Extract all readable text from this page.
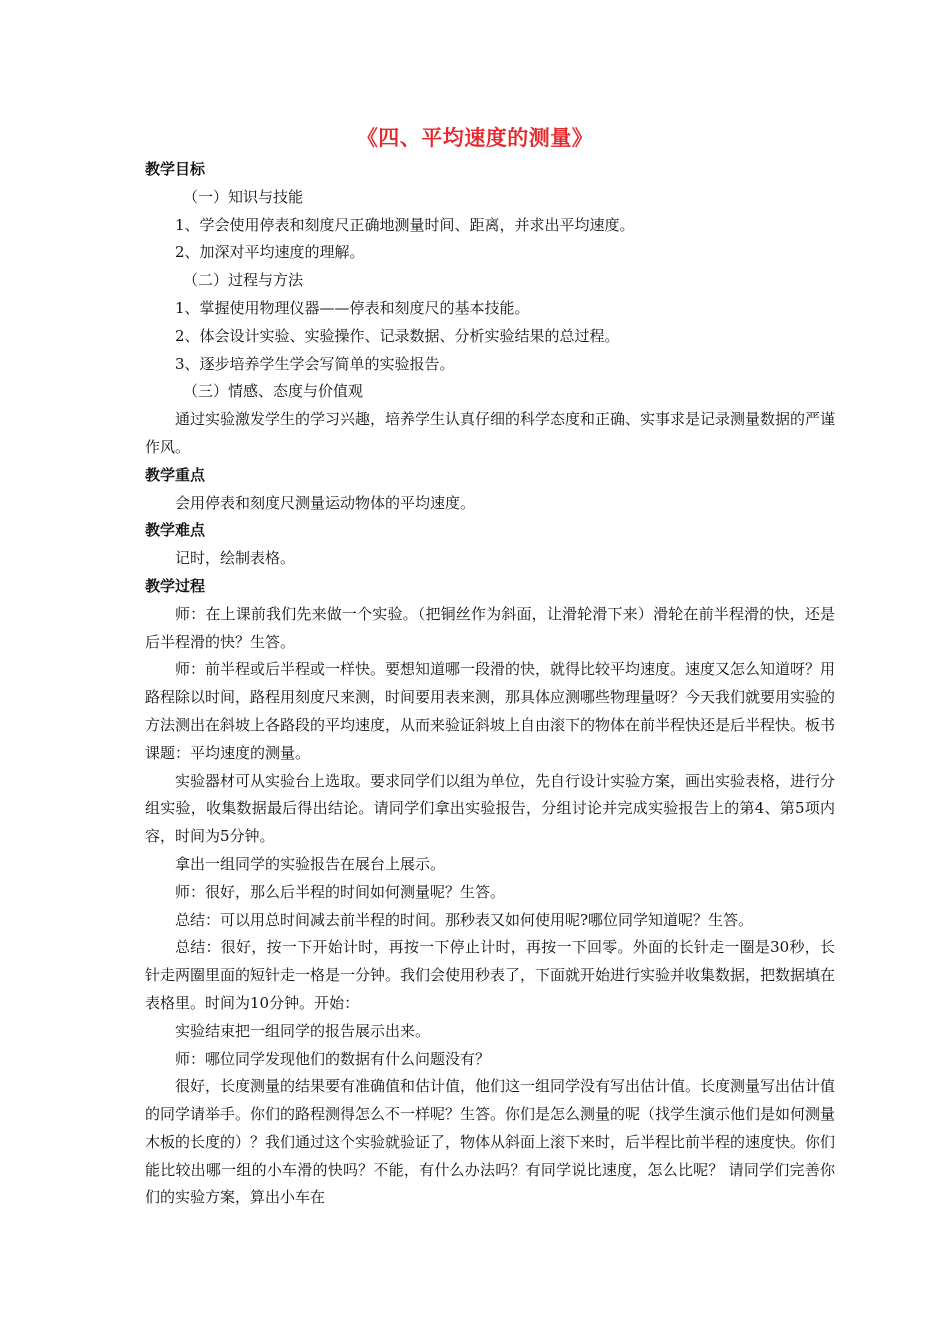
《四、平均速度的测量》

教学目标

（一）知识与技能

1、学会使用停表和刻度尺正确地测量时间、距离，并求出平均速度。

2、加深对平均速度的理解。

（二）过程与方法

1、掌握使用物理仪器——停表和刻度尺的基本技能。

2、体会设计实验、实验操作、记录数据、分析实验结果的总过程。

3、逐步培养学生学会写简单的实验报告。

（三）情感、态度与价值观

通过实验激发学生的学习兴趣，培养学生认真仔细的科学态度和正确、实事求是记录测量数据的严谨作风。

教学重点

会用停表和刻度尺测量运动物体的平均速度。

教学难点

记时，绘制表格。

教学过程

师：在上课前我们先来做一个实验。（把铜丝作为斜面，让滑轮滑下来）滑轮在前半程滑的快，还是后半程滑的快？生答。

师：前半程或后半程或一样快。要想知道哪一段滑的快，就得比较平均速度。速度又怎么知道呀？用路程除以时间，路程用刻度尺来测，时间要用表来测，那具体应测哪些物理量呀？今天我们就要用实验的方法测出在斜坡上各路段的平均速度，从而来验证斜坡上自由滚下的物体在前半程快还是后半程快。板书课题：平均速度的测量。

实验器材可从实验台上选取。要求同学们以组为单位，先自行设计实验方案，画出实验表格，进行分组实验，收集数据最后得出结论。请同学们拿出实验报告，分组讨论并完成实验报告上的第4、第5项内容，时间为5分钟。

拿出一组同学的实验报告在展台上展示。

师：很好，那么后半程的时间如何测量呢？生答。

总结：可以用总时间减去前半程的时间。那秒表又如何使用呢?哪位同学知道呢？生答。

总结：很好，按一下开始计时，再按一下停止计时，再按一下回零。外面的长针走一圈是30秒，长针走两圈里面的短针走一格是一分钟。我们会使用秒表了，下面就开始进行实验并收集数据，把数据填在表格里。时间为10分钟。开始：

实验结束把一组同学的报告展示出来。

师：哪位同学发现他们的数据有什么问题没有？

很好，长度测量的结果要有准确值和估计值，他们这一组同学没有写出估计值。长度测量写出估计值的同学请举手。你们的路程测得怎么不一样呢？生答。你们是怎么测量的呢（找学生演示他们是如何测量木板的长度的）？我们通过这个实验就验证了，物体从斜面上滚下来时，后半程比前半程的速度快。你们能比较出哪一组的小车滑的快吗？不能，有什么办法吗？有同学说比速度，怎么比呢？ 请同学们完善你们的实验方案，算出小车在
